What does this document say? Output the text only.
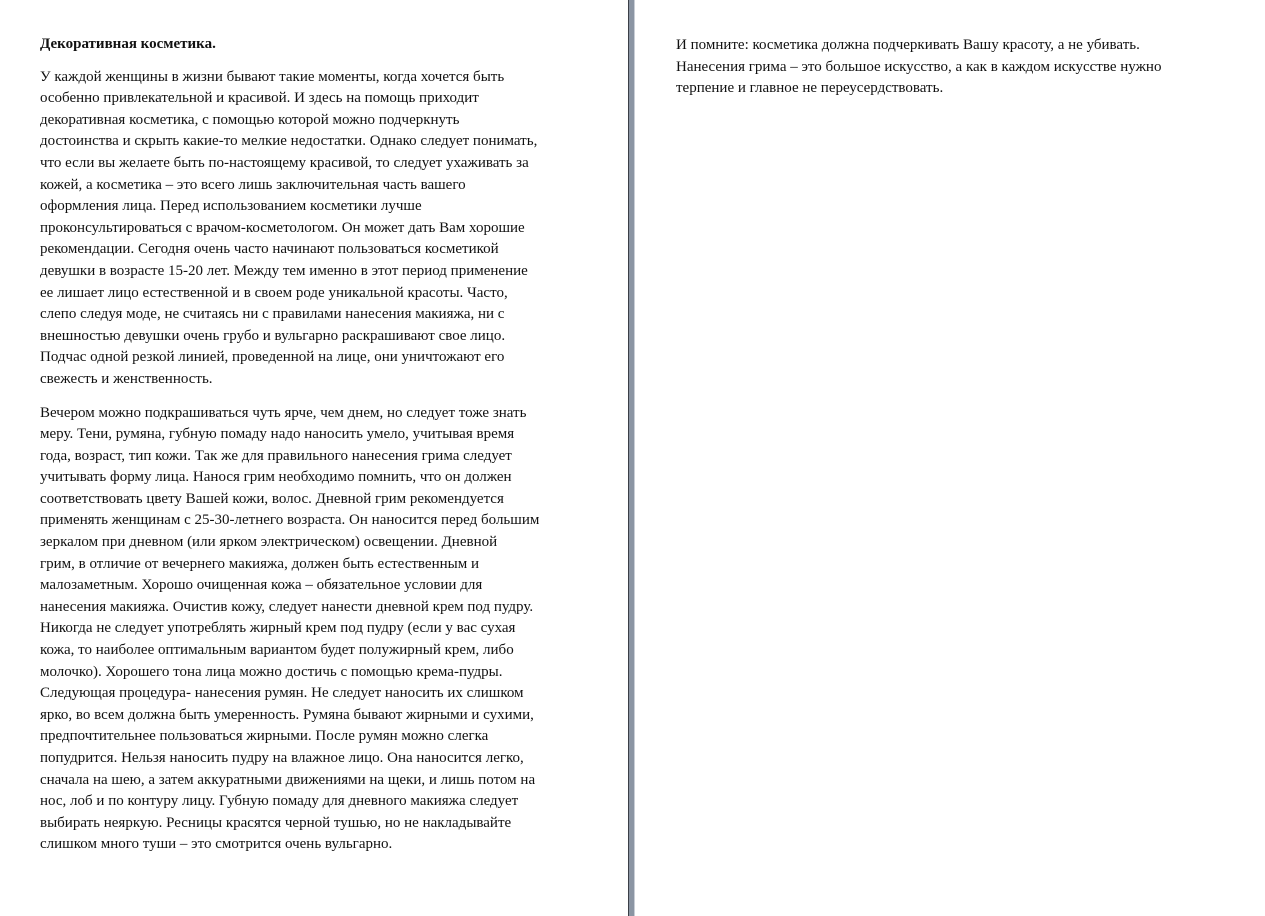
Декоративная косметика.

У каждой женщины в жизни бывают такие моменты, когда хочется быть
особенно привлекательной и красивой. И здесь на помощь приходит
декоративная косметика, с помощью которой можно подчеркнуть
достоинства и скрыть какие-то мелкие недостатки. Однако следует понимать,
что если вы желаете быть по-настоящему красивой, то следует ухаживать за
кожей, а косметика – это всего лишь заключительная часть вашего
оформления лица. Перед использованием косметики лучше
проконсультироваться с врачом-косметологом. Он может дать Вам хорошие
рекомендации. Сегодня очень часто начинают пользоваться косметикой
девушки в возрасте 15-20 лет. Между тем именно в этот период применение
ее лишает лицо естественной и в своем роде уникальной красоты. Часто,
слепо следуя моде, не считаясь ни с правилами нанесения макияжа, ни с
внешностью девушки очень грубо и вульгарно раскрашивают свое лицо.
Подчас одной резкой линией, проведенной на лице, они уничтожают его
свежесть и женственность.

Вечером можно подкрашиваться чуть ярче, чем днем, но следует тоже знать
меру. Тени, румяна, губную помаду надо наносить умело, учитывая время
года, возраст, тип кожи. Так же для правильного нанесения грима следует
учитывать форму лица. Нанося грим необходимо помнить, что он должен
соответствовать цвету Вашей кожи, волос. Дневной грим рекомендуется
применять женщинам с 25-30-летнего возраста. Он наносится перед большим
зеркалом при дневном (или ярком электрическом) освещении. Дневной
грим, в отличие от вечернего макияжа, должен быть естественным и
малозаметным. Хорошо очищенная кожа – обязательное условии для
нанесения макияжа. Очистив кожу, следует нанести дневной крем под пудру.
Никогда не следует употреблять жирный крем под пудру (если у вас сухая
кожа, то наиболее оптимальным вариантом будет полужирный крем, либо
молочко). Хорошего тона лица можно достичь с помощью крема-пудры.
Следующая процедура- нанесения румян. Не следует наносить их слишком
ярко, во всем должна быть умеренность. Румяна бывают жирными и сухими,
предпочтительнее пользоваться жирными. После румян можно слегка
попудрится. Нельзя наносить пудру на влажное лицо. Она наносится легко,
сначала на шею, а затем аккуратными движениями на щеки, и лишь потом на
нос, лоб и по контуру лицу. Губную помаду для дневного макияжа следует
выбирать неяркую. Ресницы красятся черной тушью, но не накладывайте
слишком много туши – это смотрится очень вульгарно.

И помните: косметика должна подчеркивать Вашу красоту, а не убивать.
Нанесения грима – это большое искусство, а как в каждом искусстве нужно
терпение и главное не переусердствовать.
